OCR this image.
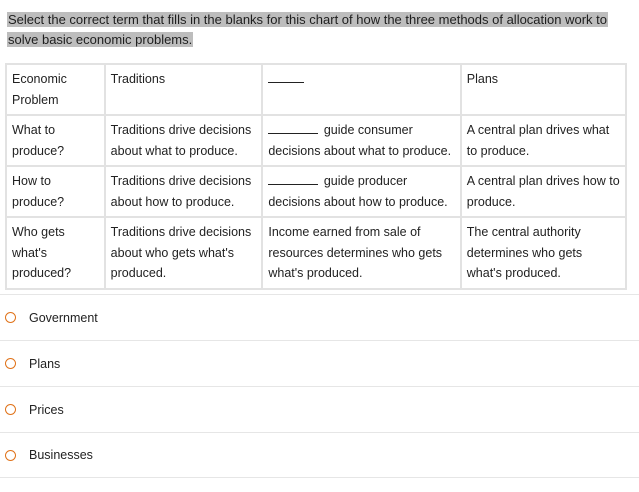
Select the correct term that fills in the blanks for this chart of how the three methods of allocation work to solve basic economic problems.
Economic Problem	Traditions		Plans
What to produce?	Traditions drive decisions about what to produce.	guide consumer decisions about what to produce.	A central plan drives what to produce.
How to produce?	Traditions drive decisions about how to produce.	guide producer decisions about how to produce.	A central plan drives how to produce.
Who gets what's produced?	Traditions drive decisions about who gets what's produced.	Income earned from sale of resources determines who gets what's produced.	The central authority determines who gets what's produced.
Government
Plans
Prices
Businesses
